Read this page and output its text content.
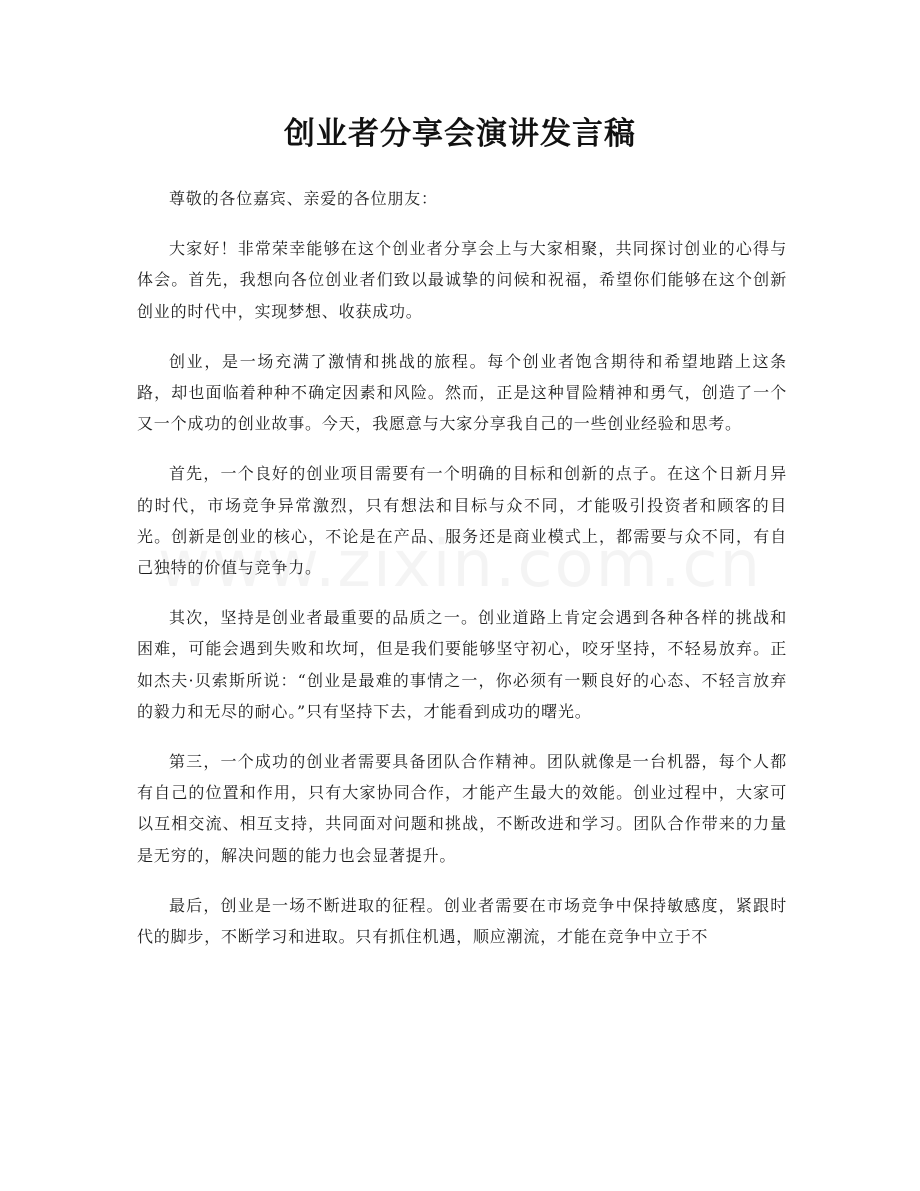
创业者分享会演讲发言稿

尊敬的各位嘉宾、亲爱的各位朋友：

大家好！非常荣幸能够在这个创业者分享会上与大家相聚，共同探讨创业的心得与体会。首先，我想向各位创业者们致以最诚挚的问候和祝福，希望你们能够在这个创新创业的时代中，实现梦想、收获成功。

创业，是一场充满了激情和挑战的旅程。每个创业者饱含期待和希望地踏上这条路，却也面临着种种不确定因素和风险。然而，正是这种冒险精神和勇气，创造了一个又一个成功的创业故事。今天，我愿意与大家分享我自己的一些创业经验和思考。

首先，一个良好的创业项目需要有一个明确的目标和创新的点子。在这个日新月异的时代，市场竞争异常激烈，只有想法和目标与众不同，才能吸引投资者和顾客的目光。创新是创业的核心，不论是在产品、服务还是商业模式上，都需要与众不同，有自己独特的价值与竞争力。

其次，坚持是创业者最重要的品质之一。创业道路上肯定会遇到各种各样的挑战和困难，可能会遇到失败和坎坷，但是我们要能够坚守初心，咬牙坚持，不轻易放弃。正如杰夫·贝索斯所说：“创业是最难的事情之一，你必须有一颗良好的心态、不轻言放弃的毅力和无尽的耐心。”只有坚持下去，才能看到成功的曙光。

第三，一个成功的创业者需要具备团队合作精神。团队就像是一台机器，每个人都有自己的位置和作用，只有大家协同合作，才能产生最大的效能。创业过程中，大家可以互相交流、相互支持，共同面对问题和挑战，不断改进和学习。团队合作带来的力量是无穷的，解决问题的能力也会显著提升。

最后，创业是一场不断进取的征程。创业者需要在市场竞争中保持敏感度，紧跟时代的脚步，不断学习和进取。只有抓住机遇，顺应潮流，才能在竞争中立于不
